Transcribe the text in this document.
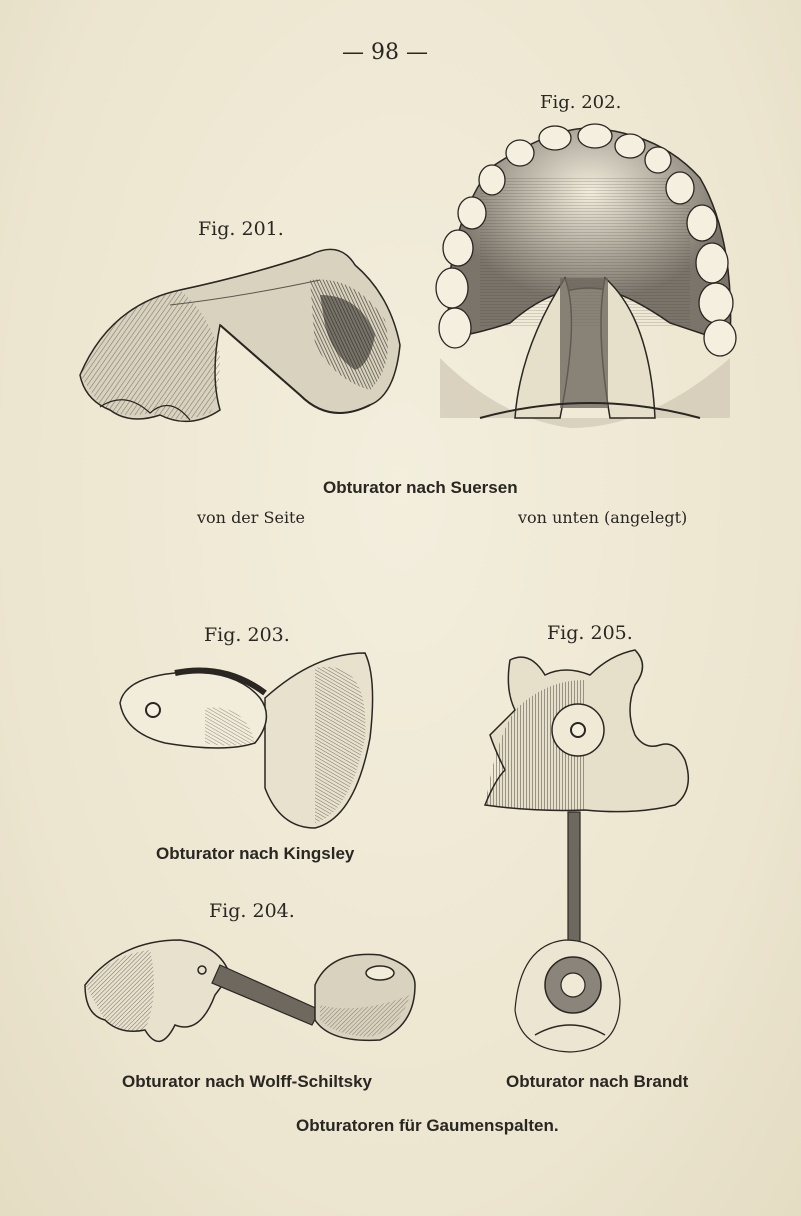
— 98 —
Fig. 202.
Fig. 201.
Obturator nach Suersen
von der Seite	von unten (angelegt)
Fig. 203.
Obturator nach Kingsley
Fig. 204.
Obturator nach Wolff-Schiltsky
Fig. 205.
Obturator nach Brandt
Obturatoren für Gaumenspalten.
